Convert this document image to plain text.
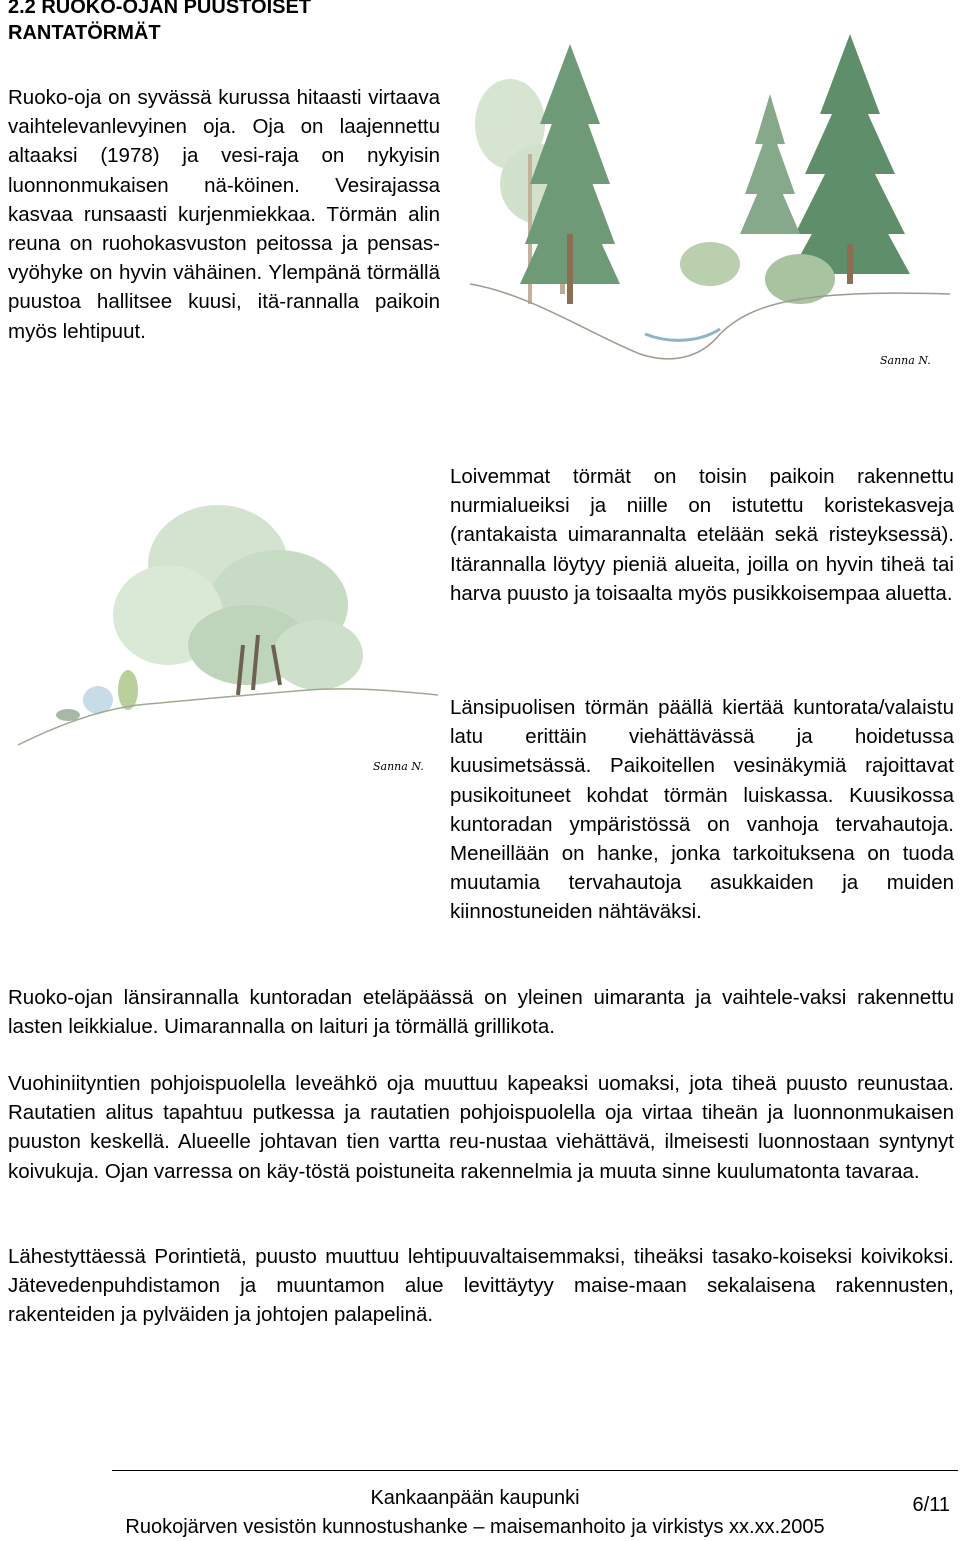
2.2 RUOKO-OJAN PUUSTOISET
RANTATÖRMÄT

Ruoko-oja on syvässä kurussa hitaasti virtaava vaihtelevanlevyinen oja. Oja on laajennettu altaaksi (1978) ja vesi-raja on nykyisin luonnonmukaisen nä-köinen. Vesirajassa kasvaa runsaasti kurjenmiekkaa. Törmän alin reuna on ruohokasvuston peitossa ja pensas-vyöhyke on hyvin vähäinen. Ylempänä törmällä puustoa hallitsee kuusi, itä-rannalla paikoin myös lehtipuut.

Sanna N.
Sanna N.

Loivemmat törmät on toisin paikoin rakennettu nurmialueiksi ja niille on istutettu koristekasveja (rantakaista uimarannalta etelään sekä risteyksessä). Itärannalla löytyy pieniä alueita, joilla on hyvin tiheä tai harva puusto ja toisaalta myös pusikkoisempaa aluetta.

Länsipuolisen törmän päällä kiertää kuntorata/valaistu latu erittäin viehättävässä ja hoidetussa kuusimetsässä. Paikoitellen vesinäkymiä rajoittavat pusikoituneet kohdat törmän luiskassa. Kuusikossa kuntoradan ympäristössä on vanhoja tervahautoja. Meneillään on hanke, jonka tarkoituksena on tuoda muutamia tervahautoja asukkaiden ja muiden kiinnostuneiden nähtäväksi.

Ruoko-ojan länsirannalla kuntoradan eteläpäässä on yleinen uimaranta ja vaihtele-vaksi rakennettu lasten leikkialue. Uimarannalla on laituri ja törmällä grillikota.

Vuohiniityntien pohjoispuolella leveähkö oja muuttuu kapeaksi uomaksi, jota tiheä puusto reunustaa. Rautatien alitus tapahtuu putkessa ja rautatien pohjoispuolella oja virtaa tiheän ja luonnonmukaisen puuston keskellä. Alueelle johtavan tien vartta reu-nustaa viehättävä, ilmeisesti luonnostaan syntynyt koivukuja. Ojan varressa on käy-töstä poistuneita rakennelmia ja muuta sinne kuulumatonta tavaraa.

Lähestyttäessä Porintietä, puusto muuttuu lehtipuuvaltaisemmaksi, tiheäksi tasako-koiseksi koivikoksi. Jätevedenpuhdistamon ja muuntamon alue levittäytyy maise-maan sekalaisena rakennusten, rakenteiden ja pylväiden ja johtojen palapelinä.

Kankaanpään kaupunki
Ruokojärven vesistön kunnostushanke – maisemanhoito ja virkistys xx.xx.2005
6/11
